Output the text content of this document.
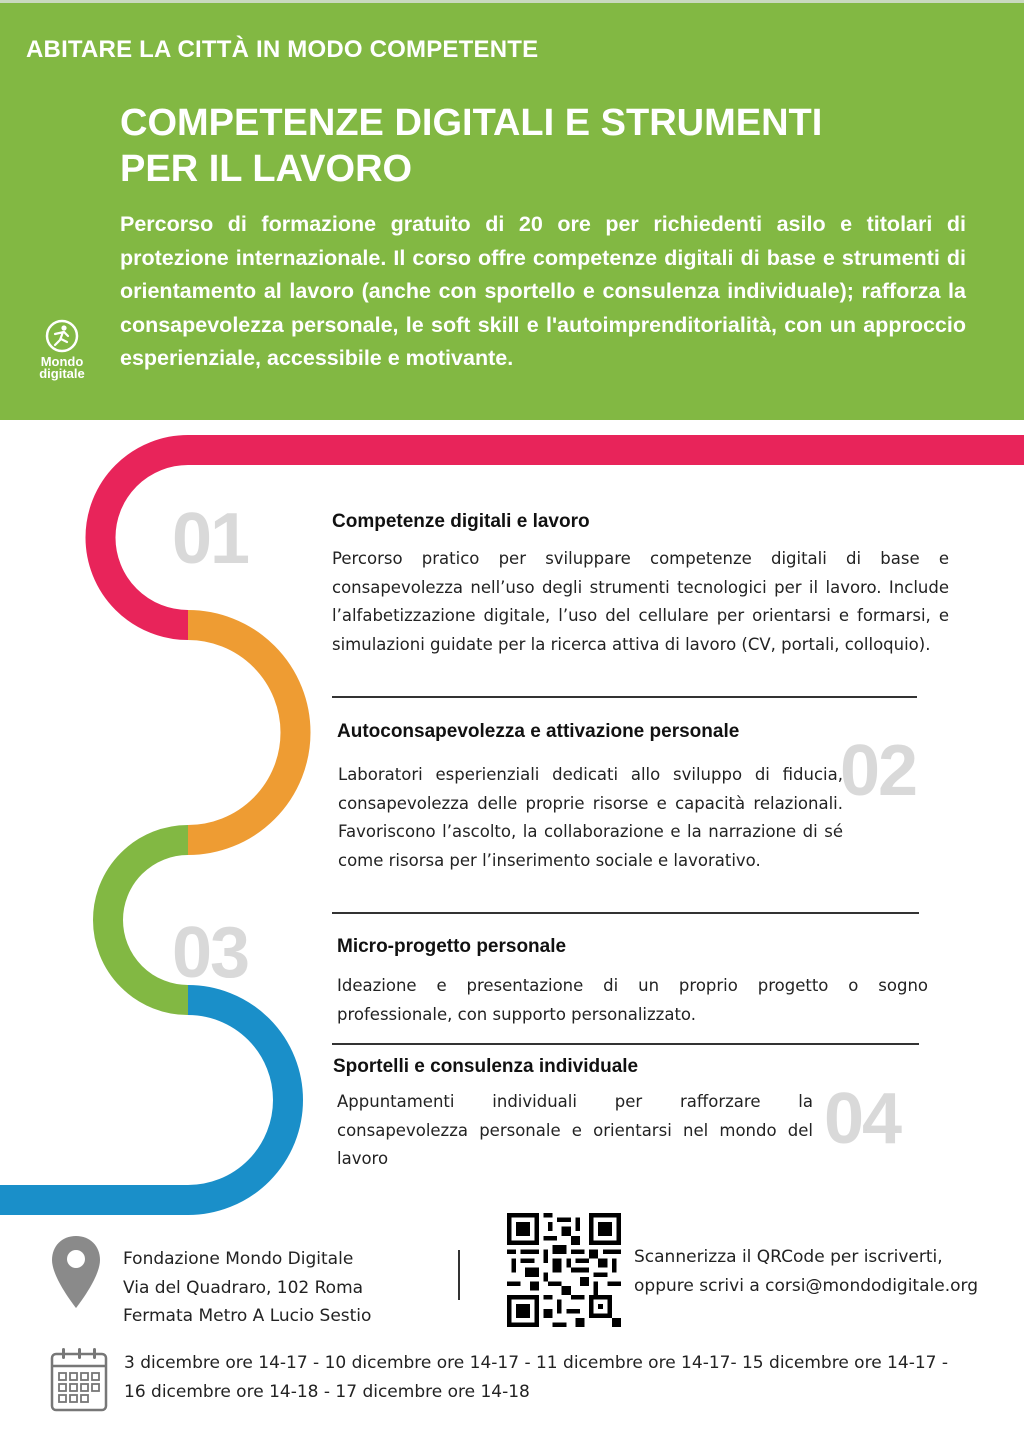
ABITARE LA CITTÀ IN MODO COMPETENTE
COMPETENZE DIGITALI E STRUMENTI
PER IL LAVORO
Percorso di formazione gratuito di 20 ore per richiedenti asilo e titolari di protezione internazionale. Il corso offre competenze digitali di base e strumenti di orientamento al lavoro (anche con sportello e consulenza individuale); rafforza la consapevolezza personale, le soft skill e l'autoimprenditorialità, con un approccio esperienziale, accessibile e motivante.
Mondo
digitale
01	Competenze digitali e lavoro
Percorso pratico per sviluppare competenze digitali di base e consapevolezza nell’uso degli strumenti tecnologici per il lavoro. Include l’alfabetizzazione digitale, l’uso del cellulare per orientarsi e formarsi, e simulazioni guidate per la ricerca attiva di lavoro (CV, portali, colloquio).
Autoconsapevolezza e attivazione personale 02
Laboratori esperienziali dedicati allo sviluppo di fiducia, consapevolezza delle proprie risorse e capacità relazionali. Favoriscono l’ascolto, la collaborazione e la narrazione di sé come risorsa per l’inserimento sociale e lavorativo.
03	Micro-progetto personale
Ideazione e presentazione di un proprio progetto o sogno professionale, con supporto personalizzato.
Sportelli e consulenza individuale
04
Appuntamenti individuali per rafforzare la consapevolezza personale e orientarsi nel mondo del lavoro
Fondazione Mondo Digitale
Via del Quadraro, 102 Roma
Fermata Metro A Lucio Sestio
Scannerizza il QRCode per iscriverti,
oppure scrivi a corsi@mondodigitale.org
3 dicembre ore 14-17 - 10 dicembre ore 14-17 - 11 dicembre ore 14-17- 15 dicembre ore 14-17 -
16 dicembre ore 14-18 - 17 dicembre ore 14-18
